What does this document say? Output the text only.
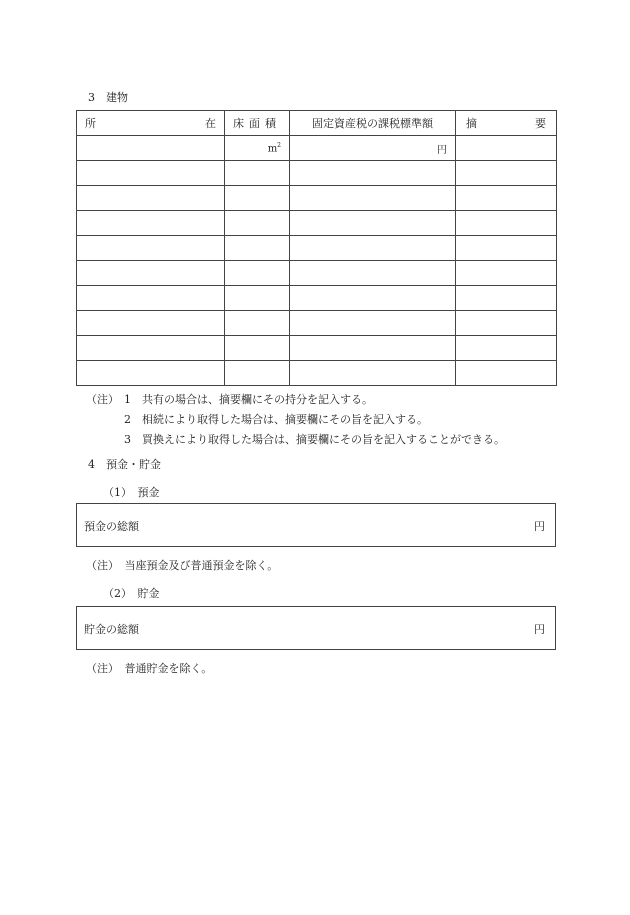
3 建物
所　　在	床面積	固定資産税の課税標準額	摘　　要
	$m^2$	円	

（注） 1 共有の場合は、摘要欄にその持分を記入する。
2 相続により取得した場合は、摘要欄にその旨を記入する。
3 買換えにより取得した場合は、摘要欄にその旨を記入することができる。
4 預金・貯金
（1）　預金
預金の総額	円
（注）　当座預金及び普通預金を除く。
（2）　貯金
貯金の総額	円
（注）　普通貯金を除く。
